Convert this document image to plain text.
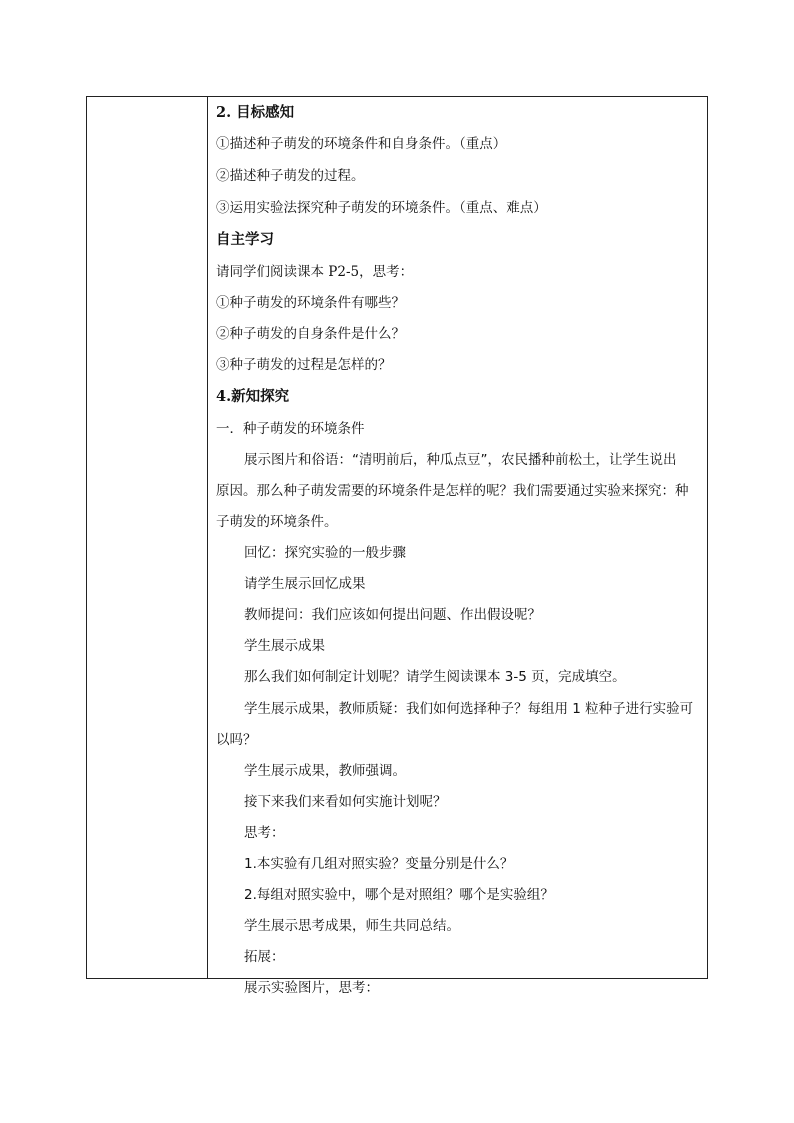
2. 目标感知
①描述种子萌发的环境条件和自身条件。（重点）
②描述种子萌发的过程。
③运用实验法探究种子萌发的环境条件。（重点、难点）
自主学习
请同学们阅读课本 P2-5，思考：
①种子萌发的环境条件有哪些？
②种子萌发的自身条件是什么？
③种子萌发的过程是怎样的？
4.新知探究
一．种子萌发的环境条件
展示图片和俗语：“清明前后，种瓜点豆”，农民播种前松土，让学生说出
原因。那么种子萌发需要的环境条件是怎样的呢？我们需要通过实验来探究：种
子萌发的环境条件。
回忆：探究实验的一般步骤
请学生展示回忆成果
教师提问：我们应该如何提出问题、作出假设呢？
学生展示成果
那么我们如何制定计划呢？请学生阅读课本 3-5 页，完成填空。
学生展示成果，教师质疑：我们如何选择种子？每组用 1 粒种子进行实验可
以吗？
学生展示成果，教师强调。
接下来我们来看如何实施计划呢？
思考：
1.本实验有几组对照实验？变量分别是什么？
2.每组对照实验中，哪个是对照组？哪个是实验组？
学生展示思考成果，师生共同总结。
拓展：
展示实验图片，思考：
